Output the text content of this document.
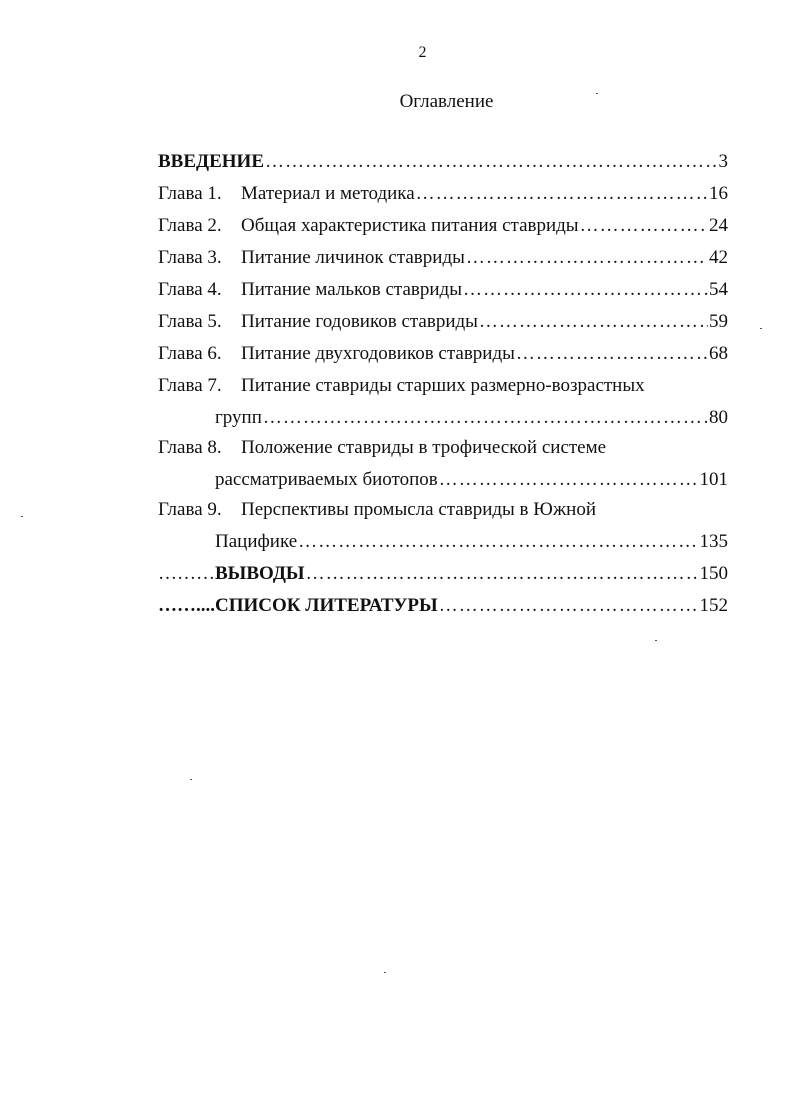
2
Оглавление
ВВЕДЕНИЕ ……………………………………………………………………………………………………………………………………………………………	3
Глава 1. Материал и методика ……………………………………………………………………………………………………………………………………………………………	16
Глава 2. Общая характеристика питания ставриды ……………………………………………………………………………………………………………………………………………………………	24
Глава 3. Питание личинок ставриды ……………………………………………………………………………………………………………………………………………………………	42
Глава 4. Питание мальков ставриды ……………………………………………………………………………………………………………………………………………………………	54
Глава 5. Питание годовиков ставриды ……………………………………………………………………………………………………………………………………………………………	59
Глава 6. Питание двухгодовиков ставриды ……………………………………………………………………………………………………………………………………………………………	68
Глава 7. Питание ставриды старших размерно-возрастных
групп ……………………………………………………………………………………………………………………………………………………………	80
Глава 8. Положение ставриды в трофической системе
рассматриваемых биотопов ……………………………………………………………………………………………………………………………………………………………	101
Глава 9. Перспективы промысла ставриды в Южной
Пацифике ……………………………………………………………………………………………………………………………………………………………	135
……… ВЫВОДЫ ……………………………………………………………………………………………………………………………………………………………	150
…….... СПИСОК ЛИТЕРАТУРЫ ……………………………………………………………………………………………………………………………………………………………	152
